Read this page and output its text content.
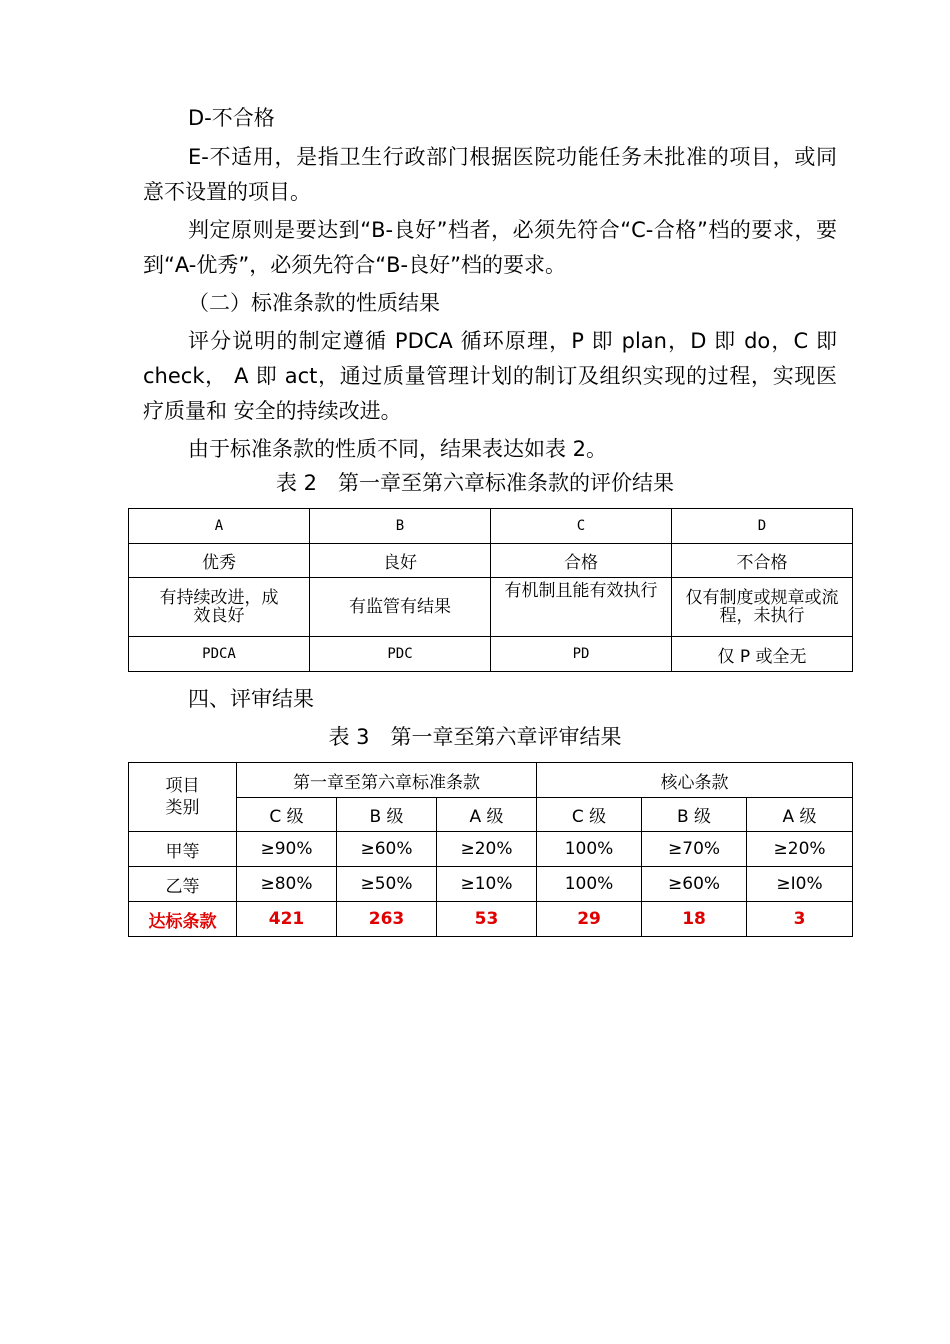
D-不合格

E-不适用，是指卫生行政部门根据医院功能任务未批准的项目，或同意不设置的项目。

判定原则是要达到“B-良好”档者，必须先符合“C-合格”档的要求，要到“A-优秀”，必须先符合“B-良好”档的要求。

（二）标准条款的性质结果

评分说明的制定遵循 PDCA 循环原理，P 即 plan，D 即 do，C 即 check， A 即 act，通过质量管理计划的制订及组织实现的过程，实现医疗质量和 安全的持续改进。

由于标准条款的性质不同，结果表达如表 2。

表 2　第一章至第六章标准条款的评价结果

A	B	C	D
优秀	良好	合格	不合格
有持续改进，成效良好	有监管有结果	有机制且能有效执行	仅有制度或规章或流程，未执行
PDCA	PDC	PD	仅 P 或全无

四、评审结果

表 3　第一章至第六章评审结果

项目类别	第一章至第六章标准条款			核心条款		
	C 级	B 级	A 级	C 级	B 级	A 级
甲等	≥90%	≥60%	≥20%	100%	≥70%	≥20%
乙等	≥80%	≥50%	≥10%	100%	≥60%	≥I0%
达标条款	421	263	53	29	18	3
